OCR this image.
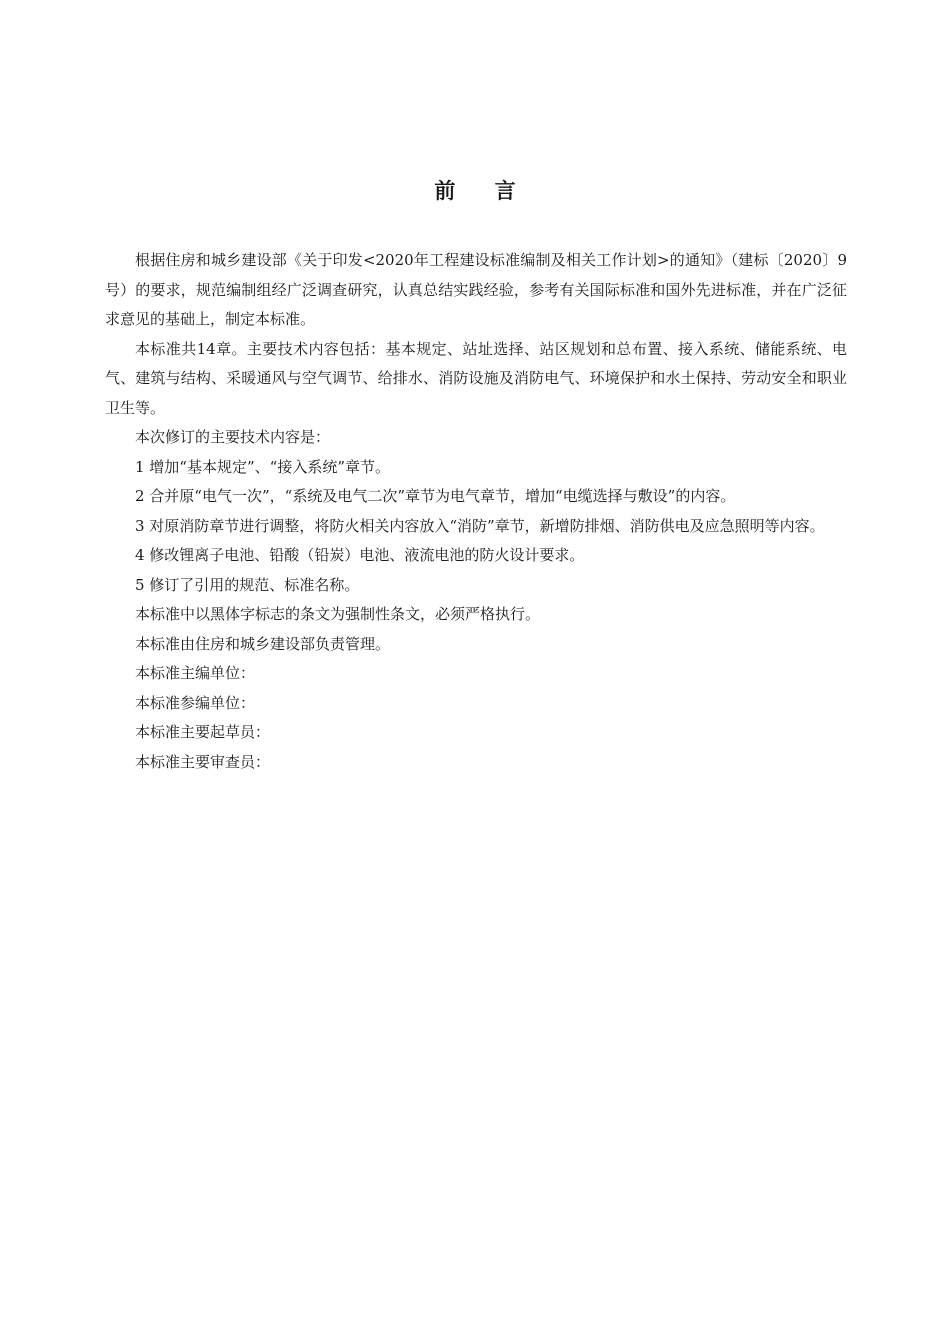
前 言

根据住房和城乡建设部《关于印发<2020年工程建设标准编制及相关工作计划>的通知》（建标〔2020〕9号）的要求，规范编制组经广泛调查研究，认真总结实践经验，参考有关国际标准和国外先进标准，并在广泛征求意见的基础上，制定本标准。

本标准共14章。主要技术内容包括：基本规定、站址选择、站区规划和总布置、接入系统、储能系统、电气、建筑与结构、采暖通风与空气调节、给排水、消防设施及消防电气、环境保护和水土保持、劳动安全和职业卫生等。

本次修订的主要技术内容是：

1 增加“基本规定”、“接入系统”章节。

2 合并原“电气一次”，“系统及电气二次”章节为电气章节，增加“电缆选择与敷设”的内容。

3 对原消防章节进行调整，将防火相关内容放入“消防”章节，新增防排烟、消防供电及应急照明等内容。

4 修改锂离子电池、铅酸（铅炭）电池、液流电池的防火设计要求。

5 修订了引用的规范、标准名称。

本标准中以黑体字标志的条文为强制性条文，必须严格执行。

本标准由住房和城乡建设部负责管理。

本标准主编单位：

本标准参编单位：

本标准主要起草员：

本标准主要审查员：
